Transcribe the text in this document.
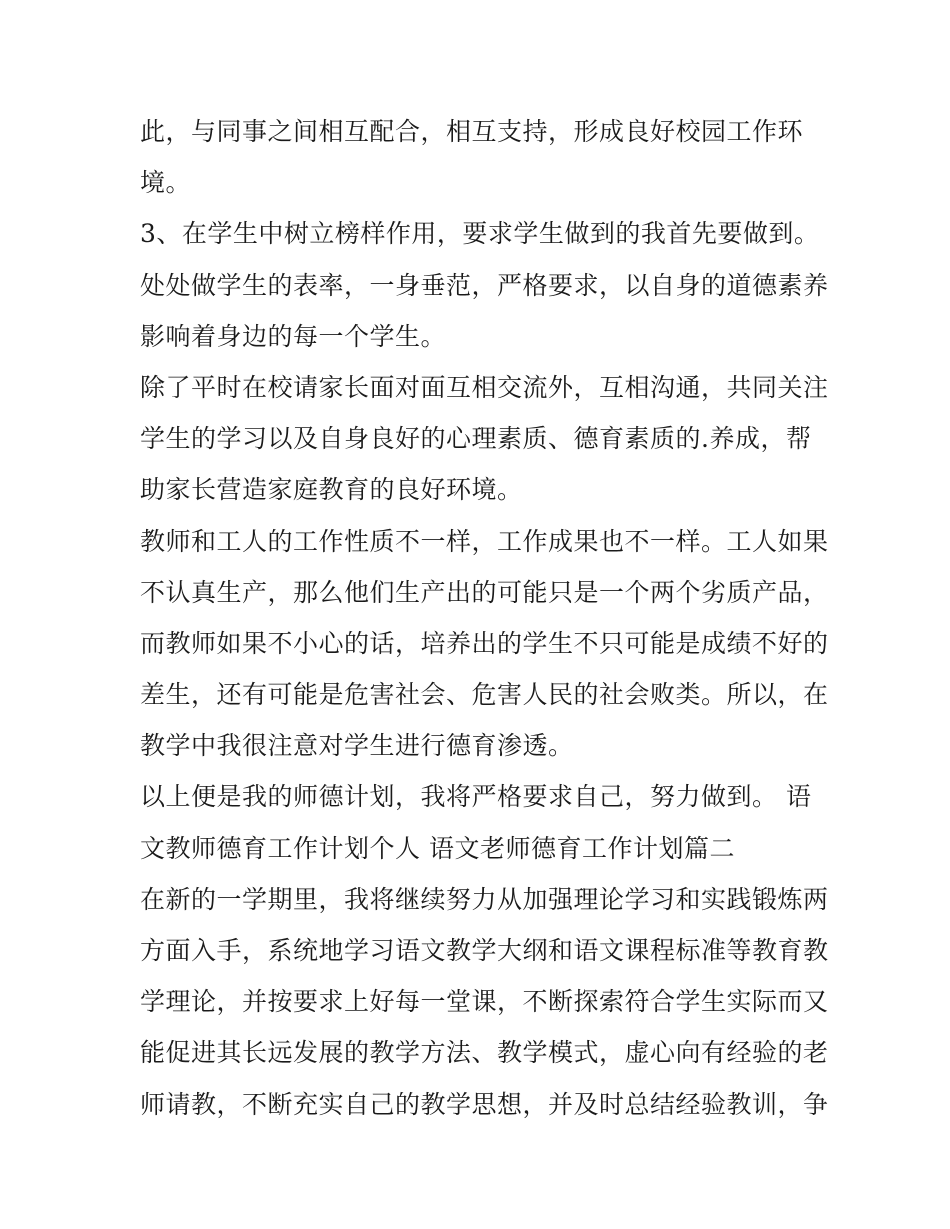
此，与同事之间相互配合，相互支持，形成良好校园工作环
境。
3、在学生中树立榜样作用，要求学生做到的我首先要做到。
处处做学生的表率，一身垂范，严格要求，以自身的道德素养
影响着身边的每一个学生。
除了平时在校请家长面对面互相交流外，互相沟通，共同关注
学生的学习以及自身良好的心理素质、德育素质的.养成，帮
助家长营造家庭教育的良好环境。
教师和工人的工作性质不一样，工作成果也不一样。工人如果
不认真生产，那么他们生产出的可能只是一个两个劣质产品，
而教师如果不小心的话，培养出的学生不只可能是成绩不好的
差生，还有可能是危害社会、危害人民的社会败类。所以，在
教学中我很注意对学生进行德育渗透。
以上便是我的师德计划，我将严格要求自己，努力做到。 语
文教师德育工作计划个人 语文老师德育工作计划篇二
在新的一学期里，我将继续努力从加强理论学习和实践锻炼两
方面入手，系统地学习语文教学大纲和语文课程标准等教育教
学理论，并按要求上好每一堂课，不断探索符合学生实际而又
能促进其长远发展的教学方法、教学模式，虚心向有经验的老
师请教，不断充实自己的教学思想，并及时总结经验教训，争
